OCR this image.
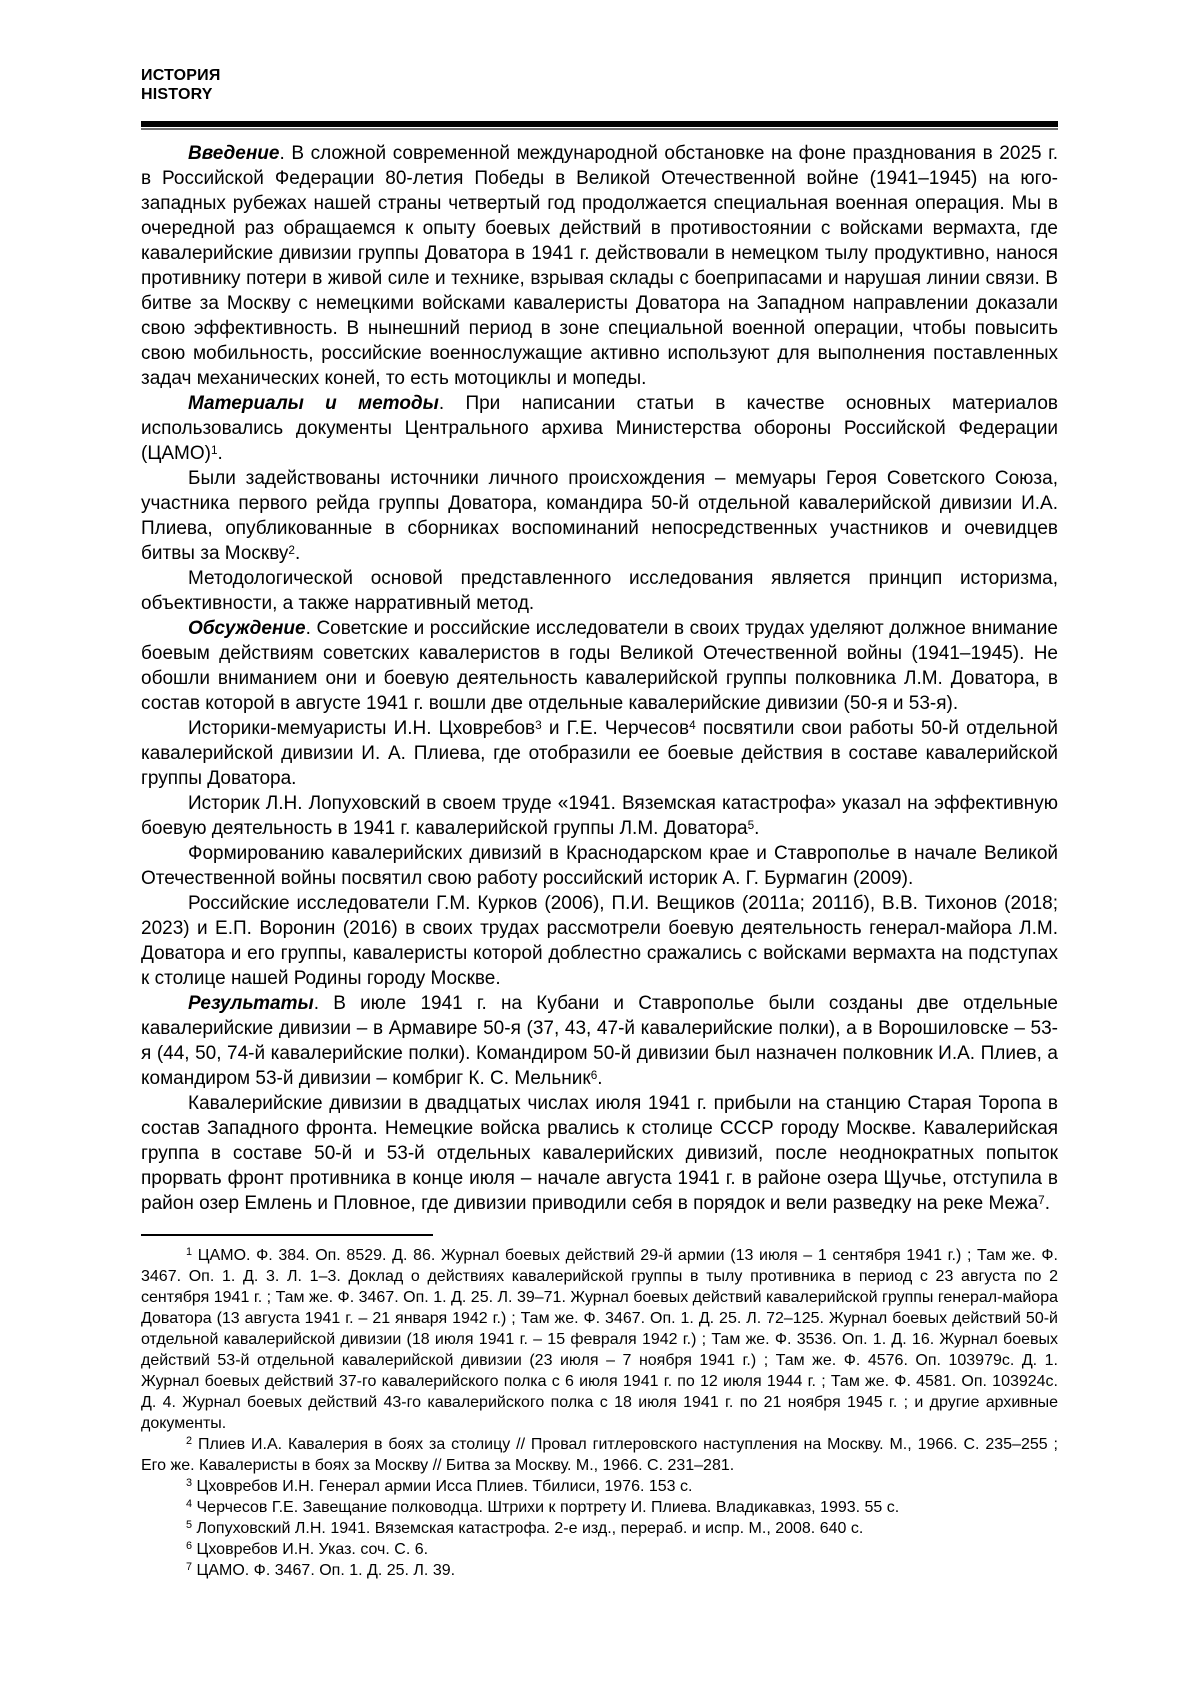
ИСТОРИЯ
HISTORY

Введение. В сложной современной международной обстановке на фоне празднования в 2025 г. в Российской Федерации 80-летия Победы в Великой Отечественной войне (1941–1945) на юго-западных рубежах нашей страны четвертый год продолжается специальная военная операция. Мы в очередной раз обращаемся к опыту боевых действий в противостоянии с войсками вермахта, где кавалерийские дивизии группы Доватора в 1941 г. действовали в немецком тылу продуктивно, нанося противнику потери в живой силе и технике, взрывая склады с боеприпасами и нарушая линии связи. В битве за Москву с немецкими войсками кавалеристы Доватора на Западном направлении доказали свою эффективность. В нынешний период в зоне специальной военной операции, чтобы повысить свою мобильность, российские военнослужащие активно используют для выполнения поставленных задач механических коней, то есть мотоциклы и мопеды.

Материалы и методы. При написании статьи в качестве основных материалов использовались документы Центрального архива Министерства обороны Российской Федерации (ЦАМО)$^1$.

Были задействованы источники личного происхождения – мемуары Героя Советского Союза, участника первого рейда группы Доватора, командира 50-й отдельной кавалерийской дивизии И.А. Плиева, опубликованные в сборниках воспоминаний непосредственных участников и очевидцев битвы за Москву$^2$.

Методологической основой представленного исследования является принцип историзма, объективности, а также нарративный метод.

Обсуждение. Советские и российские исследователи в своих трудах уделяют должное внимание боевым действиям советских кавалеристов в годы Великой Отечественной войны (1941–1945). Не обошли вниманием они и боевую деятельность кавалерийской группы полковника Л.М. Доватора, в состав которой в августе 1941 г. вошли две отдельные кавалерийские дивизии (50-я и 53-я).

Историки-мемуаристы И.Н. Цховребов$^3$ и Г.Е. Черчесов$^4$ посвятили свои работы 50-й отдельной кавалерийской дивизии И. А. Плиева, где отобразили ее боевые действия в составе кавалерийской группы Доватора.

Историк Л.Н. Лопуховский в своем труде «1941. Вяземская катастрофа» указал на эффективную боевую деятельность в 1941 г. кавалерийской группы Л.М. Доватора$^5$.

Формированию кавалерийских дивизий в Краснодарском крае и Ставрополье в начале Великой Отечественной войны посвятил свою работу российский историк А. Г. Бурмагин (2009).

Российские исследователи Г.М. Курков (2006), П.И. Вещиков (2011а; 2011б), В.В. Тихонов (2018; 2023) и Е.П. Воронин (2016) в своих трудах рассмотрели боевую деятельность генерал-майора Л.М. Доватора и его группы, кавалеристы которой доблестно сражались с войсками вермахта на подступах к столице нашей Родины городу Москве.

Результаты. В июле 1941 г. на Кубани и Ставрополье были созданы две отдельные кавалерийские дивизии – в Армавире 50-я (37, 43, 47-й кавалерийские полки), а в Ворошиловске – 53-я (44, 50, 74-й кавалерийские полки). Командиром 50-й дивизии был назначен полковник И.А. Плиев, а командиром 53-й дивизии – комбриг К. С. Мельник$^6$.

Кавалерийские дивизии в двадцатых числах июля 1941 г. прибыли на станцию Старая Торопа в состав Западного фронта. Немецкие войска рвались к столице СССР городу Москве. Кавалерийская группа в составе 50-й и 53-й отдельных кавалерийских дивизий, после неоднократных попыток прорвать фронт противника в конце июля – начале августа 1941 г. в районе озера Щучье, отступила в район озер Емлень и Пловное, где дивизии приводили себя в порядок и вели разведку на реке Межа$^7$.

$^1$ ЦАМО. Ф. 384. Оп. 8529. Д. 86. Журнал боевых действий 29-й армии (13 июля – 1 сентября 1941 г.) ; Там же. Ф. 3467. Оп. 1. Д. 3. Л. 1–3. Доклад о действиях кавалерийской группы в тылу противника в период с 23 августа по 2 сентября 1941 г. ; Там же. Ф. 3467. Оп. 1. Д. 25. Л. 39–71. Журнал боевых действий кавалерийской группы генерал-майора Доватора (13 августа 1941 г. – 21 января 1942 г.) ; Там же. Ф. 3467. Оп. 1. Д. 25. Л. 72–125. Журнал боевых действий 50-й отдельной кавалерийской дивизии (18 июля 1941 г. – 15 февраля 1942 г.) ; Там же. Ф. 3536. Оп. 1. Д. 16. Журнал боевых действий 53-й отдельной кавалерийской дивизии (23 июля – 7 ноября 1941 г.) ; Там же. Ф. 4576. Оп. 103979с. Д. 1. Журнал боевых действий 37-го кавалерийского полка с 6 июля 1941 г. по 12 июля 1944 г. ; Там же. Ф. 4581. Оп. 103924с. Д. 4. Журнал боевых действий 43-го кавалерийского полка с 18 июля 1941 г. по 21 ноября 1945 г. ; и другие архивные документы.

$^2$ Плиев И.А. Кавалерия в боях за столицу // Провал гитлеровского наступления на Москву. М., 1966. С. 235–255 ; Его же. Кавалеристы в боях за Москву // Битва за Москву. М., 1966. С. 231–281.

$^3$ Цховребов И.Н. Генерал армии Исса Плиев. Тбилиси, 1976. 153 с.

$^4$ Черчесов Г.Е. Завещание полководца. Штрихи к портрету И. Плиева. Владикавказ, 1993. 55 с.

$^5$ Лопуховский Л.Н. 1941. Вяземская катастрофа. 2-е изд., перераб. и испр. М., 2008. 640 с.

$^6$ Цховребов И.Н. Указ. соч. С. 6.

$^7$ ЦАМО. Ф. 3467. Оп. 1. Д. 25. Л. 39.
